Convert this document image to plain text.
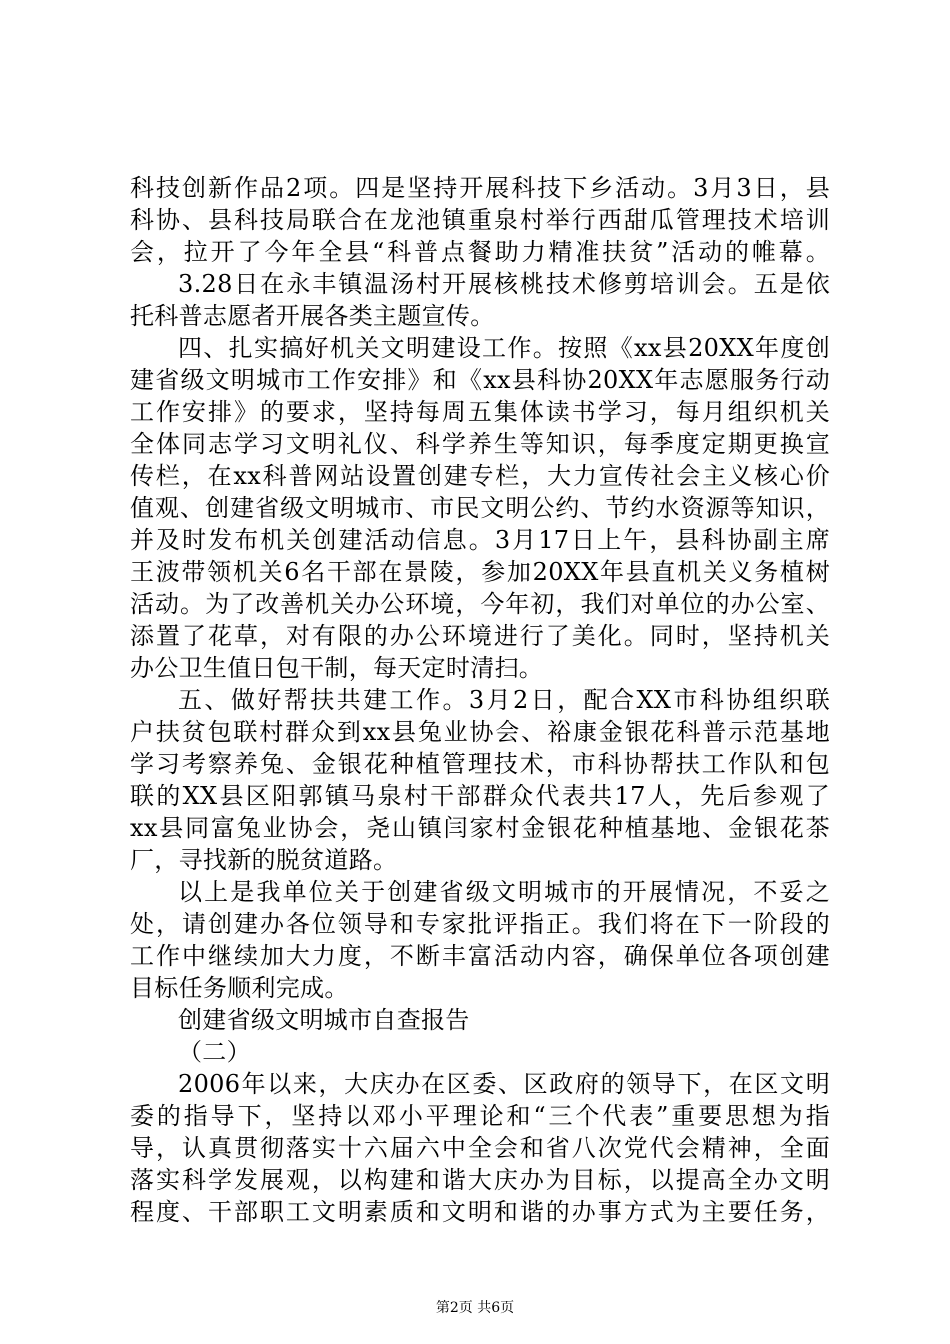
科技创新作品2项。四是坚持开展科技下乡活动。3月3日，县
科协、县科技局联合在龙池镇重泉村举行西甜瓜管理技术培训
会，拉开了今年全县“科普点餐助力精准扶贫”活动的帷幕。
3.28日在永丰镇温汤村开展核桃技术修剪培训会。五是依
托科普志愿者开展各类主题宣传。
四、扎实搞好机关文明建设工作。按照《xx县20XX年度创
建省级文明城市工作安排》和《xx县科协20XX年志愿服务行动
工作安排》的要求，坚持每周五集体读书学习，每月组织机关
全体同志学习文明礼仪、科学养生等知识，每季度定期更换宣
传栏，在xx科普网站设置创建专栏，大力宣传社会主义核心价
值观、创建省级文明城市、市民文明公约、节约水资源等知识，
并及时发布机关创建活动信息。3月17日上午，县科协副主席
王波带领机关6名干部在景陵，参加20XX年县直机关义务植树
活动。为了改善机关办公环境，今年初，我们对单位的办公室、
添置了花草，对有限的办公环境进行了美化。同时，坚持机关
办公卫生值日包干制，每天定时清扫。
五、做好帮扶共建工作。3月2日，配合XX市科协组织联
户扶贫包联村群众到xx县兔业协会、裕康金银花科普示范基地
学习考察养兔、金银花种植管理技术，市科协帮扶工作队和包
联的XX县区阳郭镇马泉村干部群众代表共17人，先后参观了
xx县同富兔业协会，尧山镇闫家村金银花种植基地、金银花茶
厂，寻找新的脱贫道路。
以上是我单位关于创建省级文明城市的开展情况，不妥之
处，请创建办各位领导和专家批评指正。我们将在下一阶段的
工作中继续加大力度，不断丰富活动内容，确保单位各项创建
目标任务顺利完成。
创建省级文明城市自查报告
（二）
2006年以来，大庆办在区委、区政府的领导下，在区文明
委的指导下，坚持以邓小平理论和“三个代表”重要思想为指
导，认真贯彻落实十六届六中全会和省八次党代会精神，全面
落实科学发展观，以构建和谐大庆办为目标，以提高全办文明
程度、干部职工文明素质和文明和谐的办事方式为主要任务，
第2页 共6页
